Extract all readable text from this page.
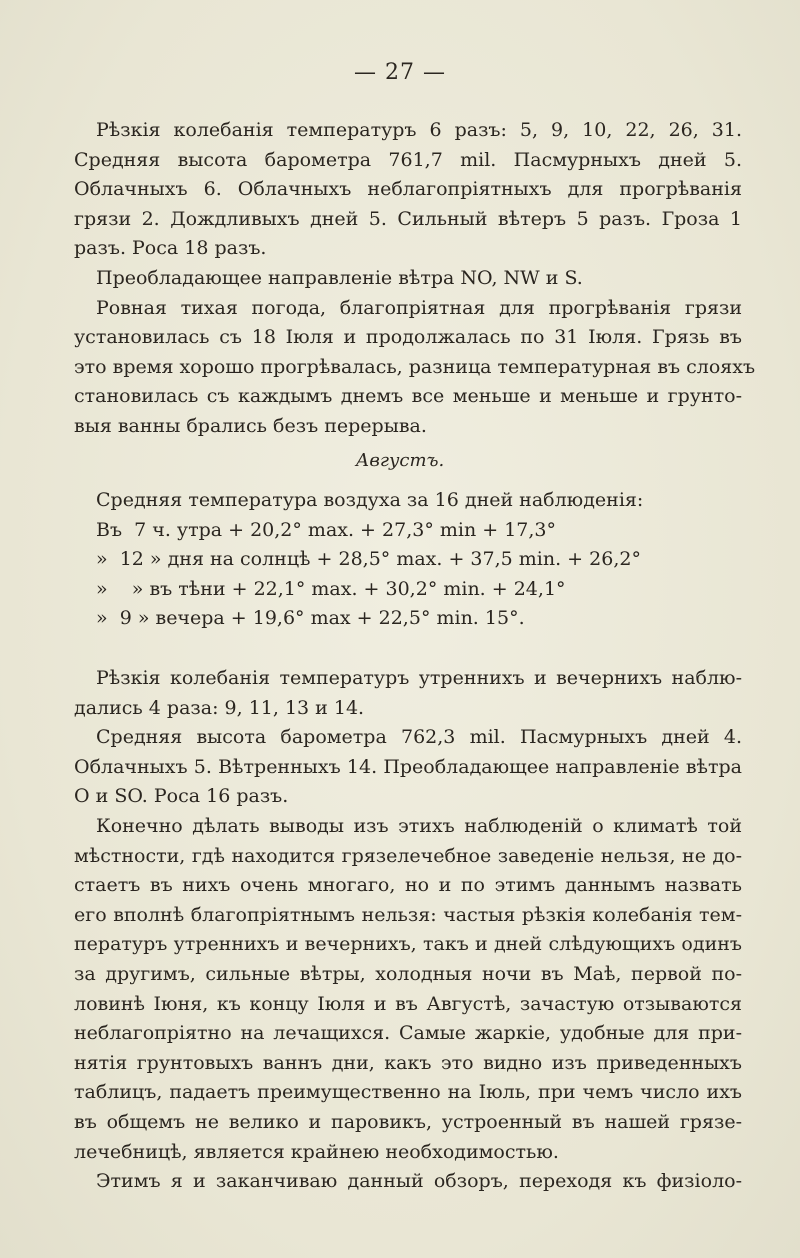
— 27 —
Рѣзкія колебанія температуръ 6 разъ: 5, 9, 10, 22, 26, 31.
Средняя высота барометра 761,7 mil. Пасмурныхъ дней 5.
Облачныхъ 6. Облачныхъ неблагопріятныхъ для прогрѣванія
грязи 2. Дождливыхъ дней 5. Сильный вѣтеръ 5 разъ. Гроза 1
разъ. Роса 18 разъ.
Преобладающее направленіе вѣтра NO, NW и S.
Ровная тихая погода, благопріятная для прогрѣванія грязи
установилась съ 18 Іюля и продолжалась по 31 Іюля. Грязь въ
это время хорошо прогрѣвалась, разница температурная въ слояхъ
становилась съ каждымъ днемъ все меньше и меньше и грунто-
выя ванны брались безъ перерыва.
Августъ.
Средняя температура воздуха за 16 дней наблюденія:
Въ  7 ч. утра + 20,2° max. + 27,3° min + 17,3°
»  12 » дня на солнцѣ + 28,5° max. + 37,5 min. + 26,2°
»    » въ тѣни + 22,1° max. + 30,2° min. + 24,1°
»  9 » вечера + 19,6° max + 22,5° min. 15°.
Рѣзкія колебанія температуръ утреннихъ и вечернихъ наблю-
дались 4 раза: 9, 11, 13 и 14.
Средняя высота барометра 762,3 mil. Пасмурныхъ дней 4.
Облачныхъ 5. Вѣтренныхъ 14. Преобладающее направленіе вѣтра
O и SO. Роса 16 разъ.
Конечно дѣлать выводы изъ этихъ наблюденій о климатѣ той
мѣстности, гдѣ находится грязелечебное заведеніе нельзя, не до-
стаетъ въ нихъ очень многаго, но и по этимъ даннымъ назвать
его вполнѣ благопріятнымъ нельзя: частыя рѣзкія колебанія тем-
пературъ утреннихъ и вечернихъ, такъ и дней слѣдующихъ одинъ
за другимъ, сильные вѣтры, холодныя ночи въ Маѣ, первой по-
ловинѣ Іюня, къ концу Іюля и въ Августѣ, зачастую отзываются
неблагопріятно на лечащихся. Самые жаркіе, удобные для при-
нятія грунтовыхъ ваннъ дни, какъ это видно изъ приведенныхъ
таблицъ, падаетъ преимущественно на Іюль, при чемъ число ихъ
въ общемъ не велико и паровикъ, устроенный въ нашей грязе-
лечебницѣ, является крайнею необходимостью.
Этимъ я и заканчиваю данный обзоръ, переходя къ физіоло-
